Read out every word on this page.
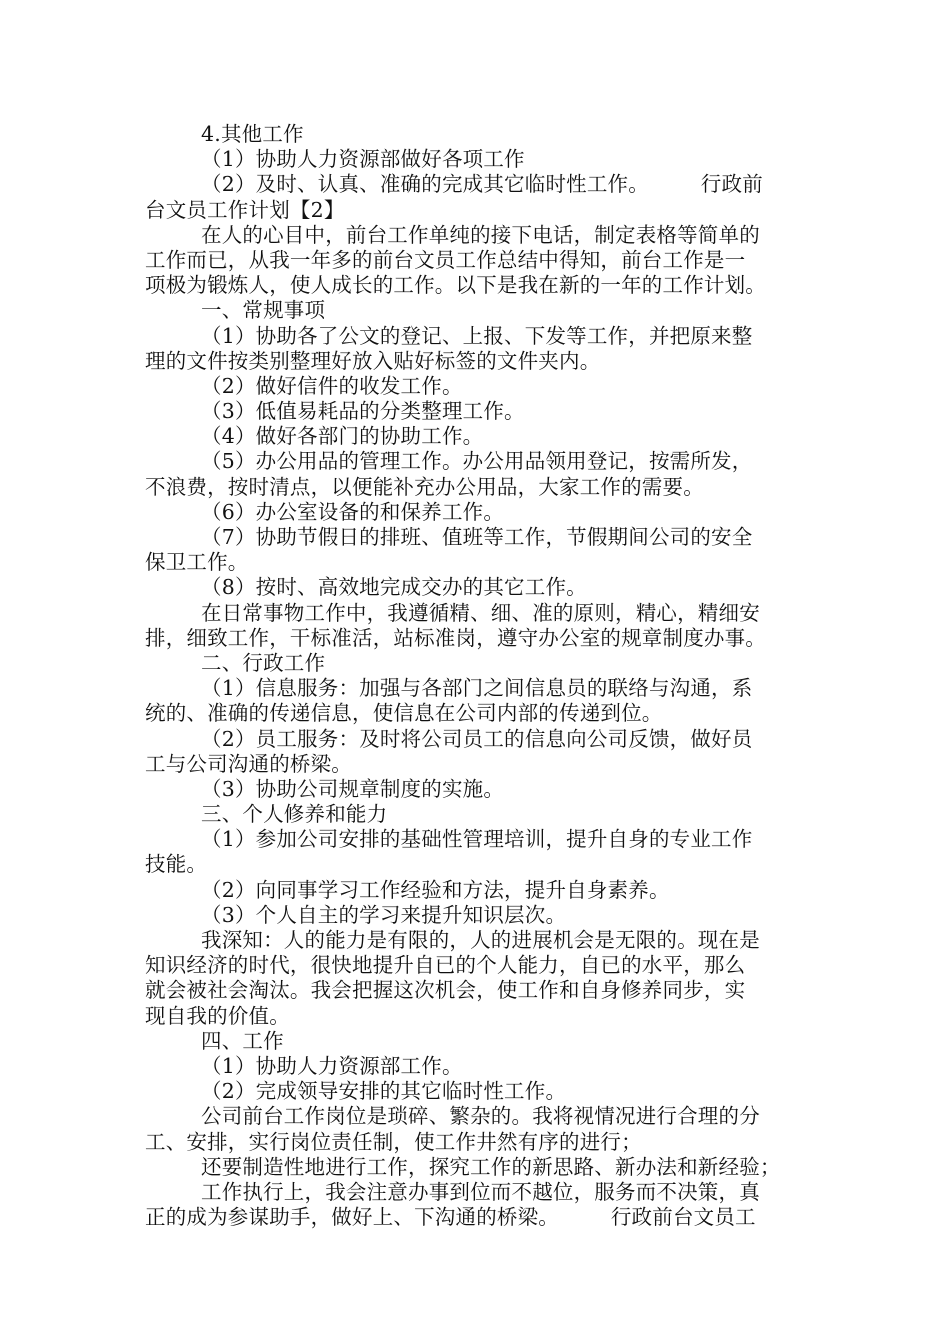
4.其他工作
（1）协助人力资源部做好各项工作
（2）及时、认真、准确的完成其它临时性工作。　　　行政前
台文员工作计划【2】
在人的心目中，前台工作单纯的接下电话，制定表格等简单的
工作而已，从我一年多的前台文员工作总结中得知，前台工作是一
项极为锻炼人，使人成长的工作。以下是我在新的一年的工作计划。
一、常规事项
（1）协助各了公文的登记、上报、下发等工作，并把原来整
理的文件按类别整理好放入贴好标签的文件夹内。
（2）做好信件的收发工作。
（3）低值易耗品的分类整理工作。
（4）做好各部门的协助工作。
（5）办公用品的管理工作。办公用品领用登记，按需所发，
不浪费，按时清点，以便能补充办公用品，大家工作的需要。
（6）办公室设备的和保养工作。
（7）协助节假日的排班、值班等工作，节假期间公司的安全
保卫工作。
（8）按时、高效地完成交办的其它工作。
在日常事物工作中，我遵循精、细、准的原则，精心，精细安
排，细致工作，干标准活，站标准岗，遵守办公室的规章制度办事。
二、行政工作
（1）信息服务：加强与各部门之间信息员的联络与沟通，系
统的、准确的传递信息，使信息在公司内部的传递到位。
（2）员工服务：及时将公司员工的信息向公司反馈，做好员
工与公司沟通的桥梁。
（3）协助公司规章制度的实施。
三、个人修养和能力
（1）参加公司安排的基础性管理培训，提升自身的专业工作
技能。
（2）向同事学习工作经验和方法，提升自身素养。
（3）个人自主的学习来提升知识层次。
我深知：人的能力是有限的，人的进展机会是无限的。现在是
知识经济的时代，很快地提升自已的个人能力，自已的水平，那么
就会被社会淘汰。我会把握这次机会，使工作和自身修养同步，实
现自我的价值。
四、工作
（1）协助人力资源部工作。
（2）完成领导安排的其它临时性工作。
公司前台工作岗位是琐碎、繁杂的。我将视情况进行合理的分
工、安排，实行岗位责任制，使工作井然有序的进行；
还要制造性地进行工作，探究工作的新思路、新办法和新经验；
工作执行上，我会注意办事到位而不越位，服务而不决策，真
正的成为参谋助手，做好上、下沟通的桥梁。　　　行政前台文员工
